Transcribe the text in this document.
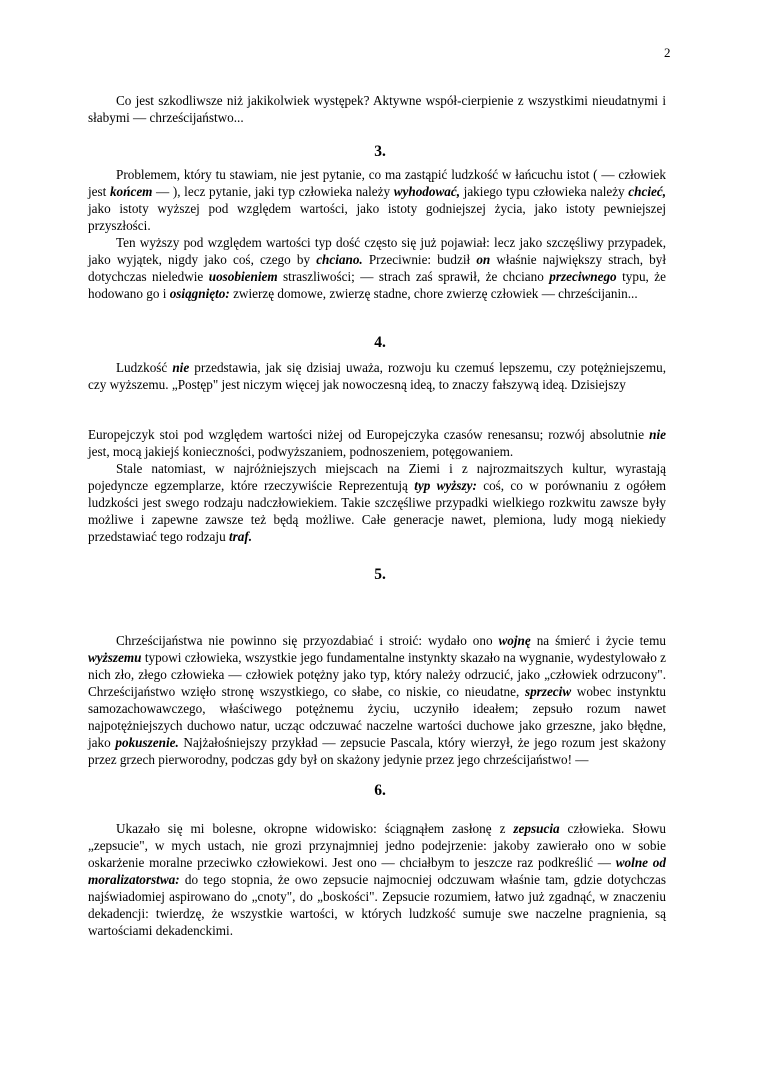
2

Co jest szkodliwsze niż jakikolwiek występek? Aktywne współ-cierpienie z wszystkimi nieudatnymi i słabymi — chrześcijaństwo...

3.

Problemem, który tu stawiam, nie jest pytanie, co ma zastąpić ludzkość w łańcuchu istot ( — człowiek jest końcem — ), lecz pytanie, jaki typ człowieka należy wyhodować, jakiego typu człowieka należy chcieć, jako istoty wyższej pod względem wartości, jako istoty godniejszej życia, jako istoty pewniejszej przyszłości.

Ten wyższy pod względem wartości typ dość często się już pojawiał: lecz jako szczęśliwy przypadek, jako wyjątek, nigdy jako coś, czego by chciano. Przeciwnie: budził on właśnie największy strach, był dotychczas nieledwie uosobieniem straszliwości; — strach zaś sprawił, że chciano przeciwnego typu, że hodowano go i osiągnięto: zwierzę domowe, zwierzę stadne, chore zwierzę człowiek — chrześcijanin...

4.

Ludzkość nie przedstawia, jak się dzisiaj uważa, rozwoju ku czemuś lepszemu, czy potężniejszemu, czy wyższemu. „Postęp" jest niczym więcej jak nowoczesną ideą, to znaczy fałszywą ideą. Dzisiejszy

Europejczyk stoi pod względem wartości niżej od Europejczyka czasów renesansu; rozwój absolutnie nie jest, mocą jakiejś konieczności, podwyższaniem, podnoszeniem, potęgowaniem.

Stale natomiast, w najróżniejszych miejscach na Ziemi i z najrozmaitszych kultur, wyrastają pojedyncze egzemplarze, które rzeczywiście Reprezentują typ wyższy: coś, co w porównaniu z ogółem ludzkości jest swego rodzaju nadczłowiekiem. Takie szczęśliwe przypadki wielkiego rozkwitu zawsze były możliwe i zapewne zawsze też będą możliwe. Całe generacje nawet, plemiona, ludy mogą niekiedy przedstawiać tego rodzaju traf.

5.

Chrześcijaństwa nie powinno się przyozdabiać i stroić: wydało ono wojnę na śmierć i życie temu wyższemu typowi człowieka, wszystkie jego fundamentalne instynkty skazało na wygnanie, wydestylowało z nich zło, złego człowieka — człowiek potężny jako typ, który należy odrzucić, jako „człowiek odrzucony". Chrześcijaństwo wzięło stronę wszystkiego, co słabe, co niskie, co nieudatne, sprzeciw wobec instynktu samozachowawczego, właściwego potężnemu życiu, uczyniło ideałem; zepsuło rozum nawet najpotężniejszych duchowo natur, ucząc odczuwać naczelne wartości duchowe jako grzeszne, jako błędne, jako pokuszenie. Najżałośniejszy przykład — zepsucie Pascala, który wierzył, że jego rozum jest skażony przez grzech pierworodny, podczas gdy był on skażony jedynie przez jego chrześcijaństwo! —

6.

Ukazało się mi bolesne, okropne widowisko: ściągnąłem zasłonę z zepsucia człowieka. Słowu „zepsucie", w mych ustach, nie grozi przynajmniej jedno podejrzenie: jakoby zawierało ono w sobie oskarżenie moralne przeciwko człowiekowi. Jest ono — chciałbym to jeszcze raz podkreślić — wolne od moralizatorstwa: do tego stopnia, że owo zepsucie najmocniej odczuwam właśnie tam, gdzie dotychczas najświadomiej aspirowano do „cnoty", do „boskości". Zepsucie rozumiem, łatwo już zgadnąć, w znaczeniu dekadencji: twierdzę, że wszystkie wartości, w których ludzkość sumuje swe naczelne pragnienia, są wartościami dekadenckimi.
